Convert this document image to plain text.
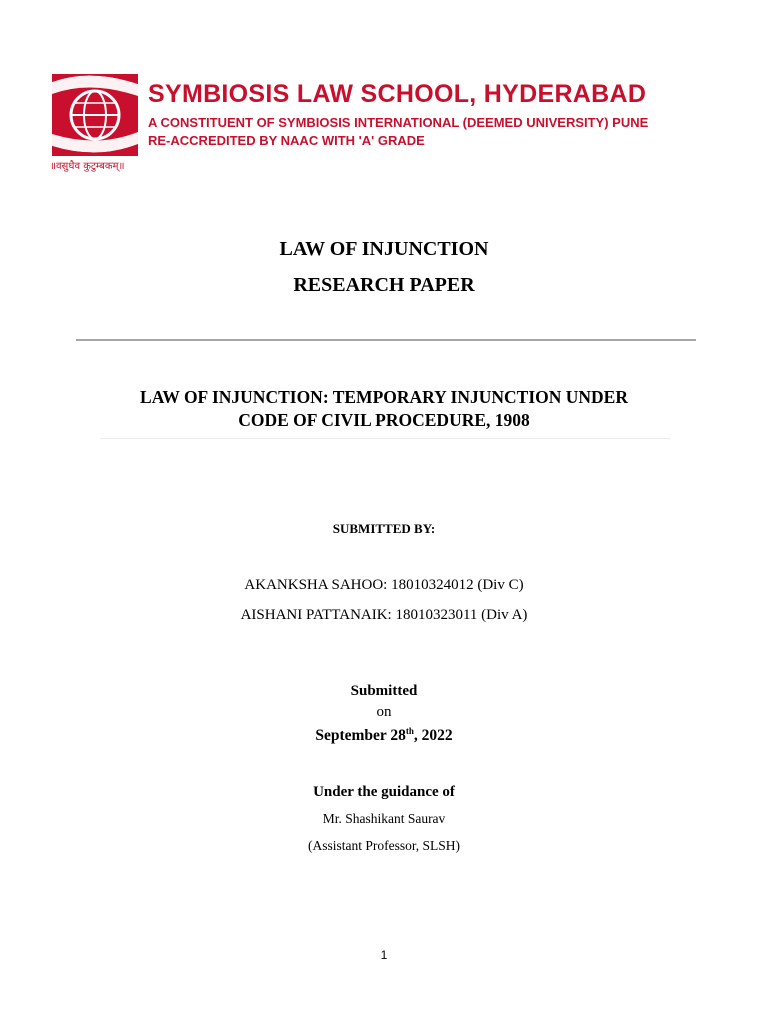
॥वसुधैव कुटुम्बकम्॥
SYMBIOSIS LAW SCHOOL, HYDERABAD
A CONSTITUENT OF SYMBIOSIS INTERNATIONAL (DEEMED UNIVERSITY) PUNE
RE-ACCREDITED BY NAAC WITH 'A' GRADE
LAW OF INJUNCTION
RESEARCH PAPER
LAW OF INJUNCTION: TEMPORARY INJUNCTION UNDER
CODE OF CIVIL PROCEDURE, 1908
SUBMITTED BY:
AKANKSHA SAHOO: 18010324012 (Div C)
AISHANI PATTANAIK: 18010323011 (Div A)
Submitted
on
September 28th, 2022
Under the guidance of
Mr. Shashikant Saurav
(Assistant Professor, SLSH)
1
